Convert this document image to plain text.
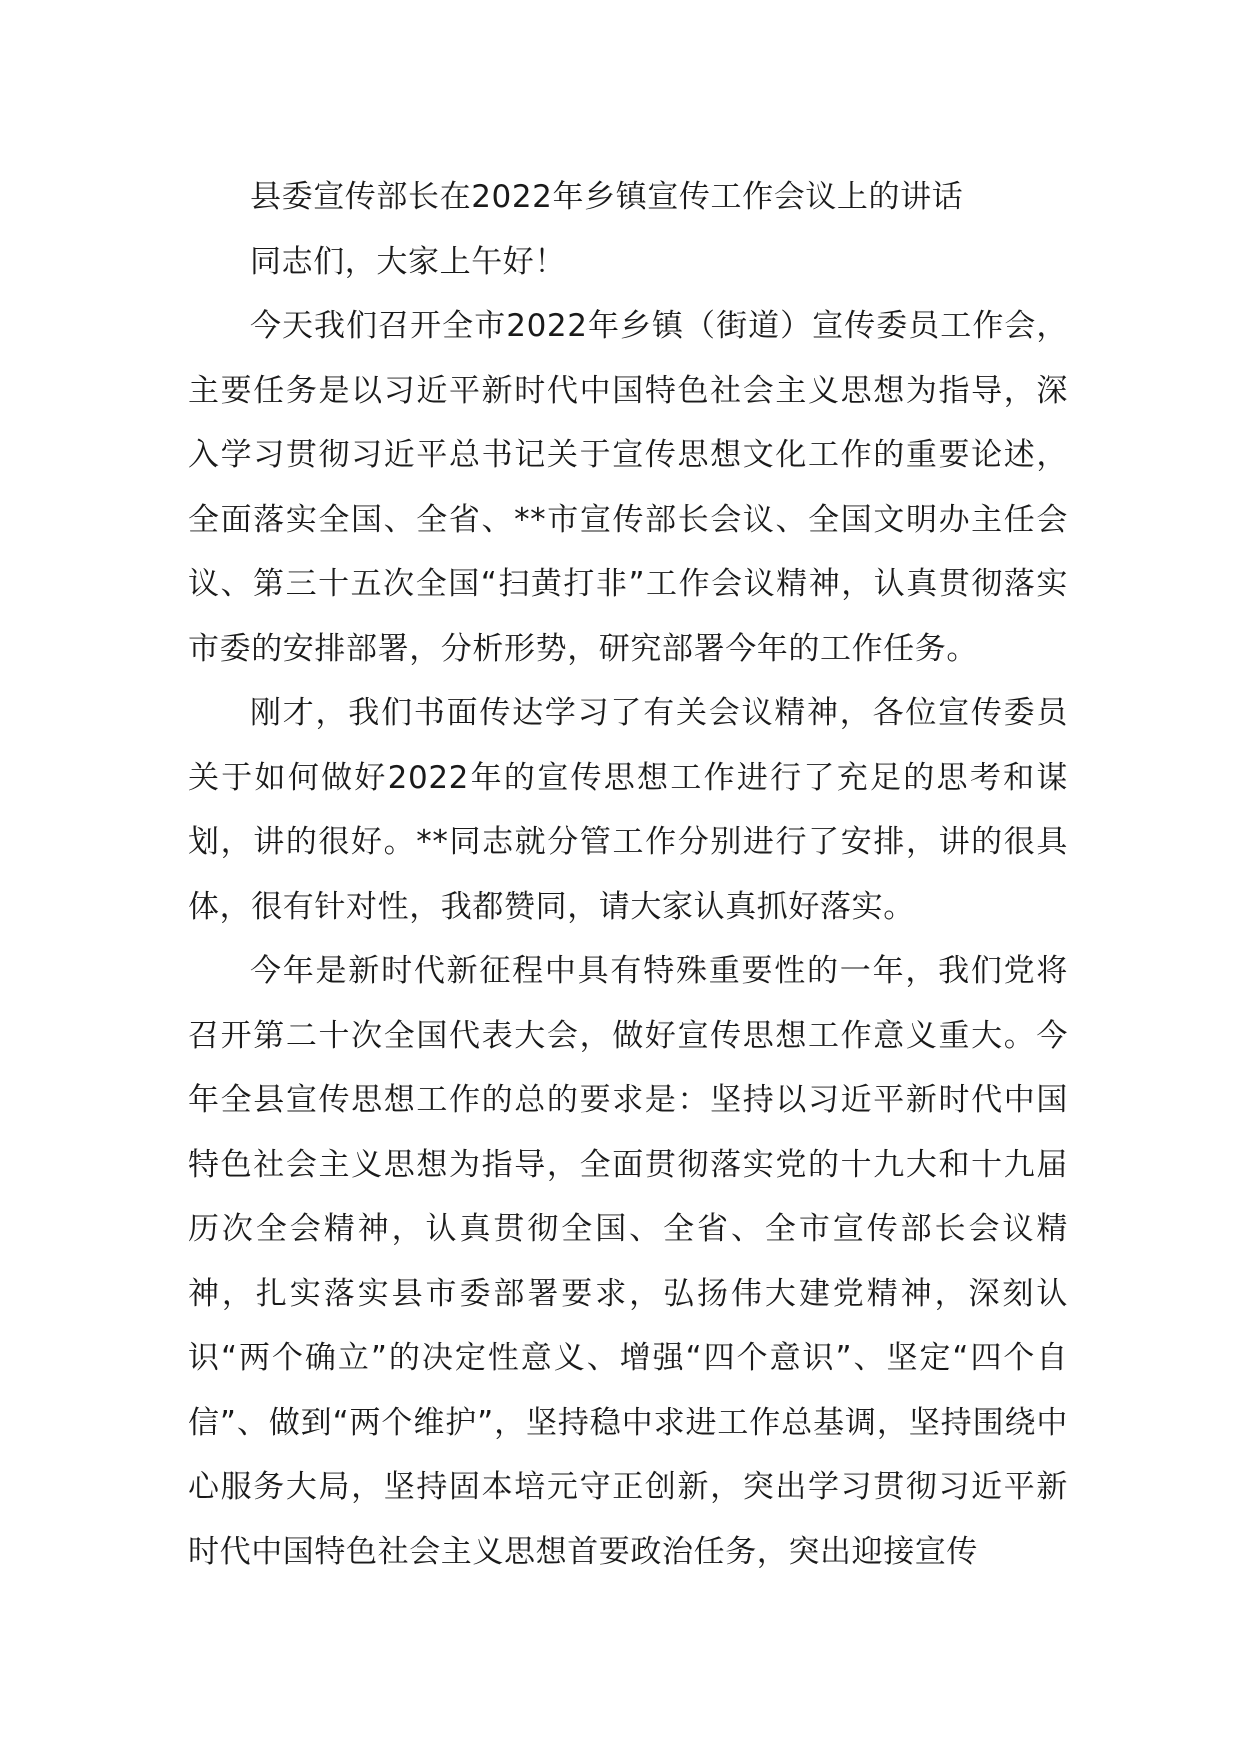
县委宣传部长在2022年乡镇宣传工作会议上的讲话

同志们，大家上午好！

今天我们召开全市2022年乡镇（街道）宣传委员工作会，主要任务是以习近平新时代中国特色社会主义思想为指导，深入学习贯彻习近平总书记关于宣传思想文化工作的重要论述，全面落实全国、全省、**市宣传部长会议、全国文明办主任会议、第三十五次全国“扫黄打非”工作会议精神，认真贯彻落实市委的安排部署，分析形势，研究部署今年的工作任务。

刚才，我们书面传达学习了有关会议精神，各位宣传委员关于如何做好2022年的宣传思想工作进行了充足的思考和谋划，讲的很好。**同志就分管工作分别进行了安排，讲的很具体，很有针对性，我都赞同，请大家认真抓好落实。

今年是新时代新征程中具有特殊重要性的一年，我们党将召开第二十次全国代表大会，做好宣传思想工作意义重大。今年全县宣传思想工作的总的要求是：坚持以习近平新时代中国特色社会主义思想为指导，全面贯彻落实党的十九大和十九届历次全会精神，认真贯彻全国、全省、全市宣传部长会议精神，扎实落实县市委部署要求，弘扬伟大建党精神，深刻认识“两个确立”的决定性意义、增强“四个意识”、坚定“四个自信”、做到“两个维护”，坚持稳中求进工作总基调，坚持围绕中心服务大局，坚持固本培元守正创新，突出学习贯彻习近平新时代中国特色社会主义思想首要政治任务，突出迎接宣传
